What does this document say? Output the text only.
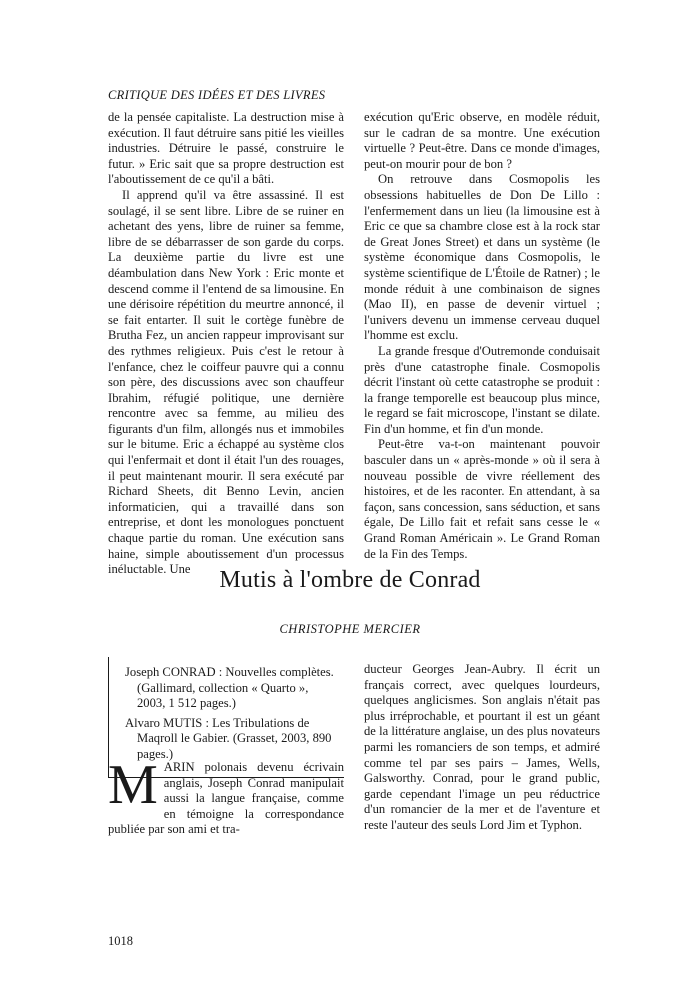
CRITIQUE DES IDÉES ET DES LIVRES

de la pensée capitaliste. La destruction mise à exécution. Il faut détruire sans pitié les vieilles industries. Détruire le passé, construire le futur. » Eric sait que sa propre destruction est l'aboutissement de ce qu'il a bâti.

Il apprend qu'il va être assassiné. Il est soulagé, il se sent libre. Libre de se ruiner en achetant des yens, libre de ruiner sa femme, libre de se débarrasser de son garde du corps. La deuxième partie du livre est une déambulation dans New York : Eric monte et descend comme il l'entend de sa limousine. En une dérisoire répétition du meurtre annoncé, il se fait entarter. Il suit le cortège funèbre de Brutha Fez, un ancien rappeur improvisant sur des rythmes religieux. Puis c'est le retour à l'enfance, chez le coiffeur pauvre qui a connu son père, des discussions avec son chauffeur Ibrahim, réfugié politique, une dernière rencontre avec sa femme, au milieu des figurants d'un film, allongés nus et immobiles sur le bitume. Eric a échappé au système clos qui l'enfermait et dont il était l'un des rouages, il peut maintenant mourir. Il sera exécuté par Richard Sheets, dit Benno Levin, ancien informaticien, qui a travaillé dans son entreprise, et dont les monologues ponctuent chaque partie du roman. Une exécution sans haine, simple aboutissement d'un processus inéluctable. Une

exécution qu'Eric observe, en modèle réduit, sur le cadran de sa montre. Une exécution virtuelle ? Peut-être. Dans ce monde d'images, peut-on mourir pour de bon ?

On retrouve dans Cosmopolis les obsessions habituelles de Don De Lillo : l'enfermement dans un lieu (la limousine est à Eric ce que sa chambre close est à la rock star de Great Jones Street) et dans un système (le système économique dans Cosmopolis, le système scientifique de L'Étoile de Ratner) ; le monde réduit à une combinaison de signes (Mao II), en passe de devenir virtuel ; l'univers devenu un immense cerveau duquel l'homme est exclu.

La grande fresque d'Outremonde conduisait près d'une catastrophe finale. Cosmopolis décrit l'instant où cette catastrophe se produit : la frange temporelle est beaucoup plus mince, le regard se fait microscope, l'instant se dilate. Fin d'un homme, et fin d'un monde.

Peut-être va-t-on maintenant pouvoir basculer dans un « après-monde » où il sera à nouveau possible de vivre réellement des histoires, et de les raconter. En attendant, à sa façon, sans concession, sans séduction, et sans égale, De Lillo fait et refait sans cesse le « Grand Roman Américain ». Le Grand Roman de la Fin des Temps.

Mutis à l'ombre de Conrad
CHRISTOPHE MERCIER

Joseph CONRAD : Nouvelles complètes. (Gallimard, collection « Quarto », 2003, 1 512 pages.)

Alvaro MUTIS : Les Tribulations de Maqroll le Gabier. (Grasset, 2003, 890 pages.)

MARIN polonais devenu écrivain anglais, Joseph Conrad manipulait aussi la langue française, comme en témoigne la correspondance publiée par son ami et tra-

ducteur Georges Jean-Aubry. Il écrit un français correct, avec quelques lourdeurs, quelques anglicismes. Son anglais n'était pas plus irréprochable, et pourtant il est un géant de la littérature anglaise, un des plus novateurs parmi les romanciers de son temps, et admiré comme tel par ses pairs – James, Wells, Galsworthy. Conrad, pour le grand public, garde cependant l'image un peu réductrice d'un romancier de la mer et de l'aventure et reste l'auteur des seuls Lord Jim et Typhon.

1018
